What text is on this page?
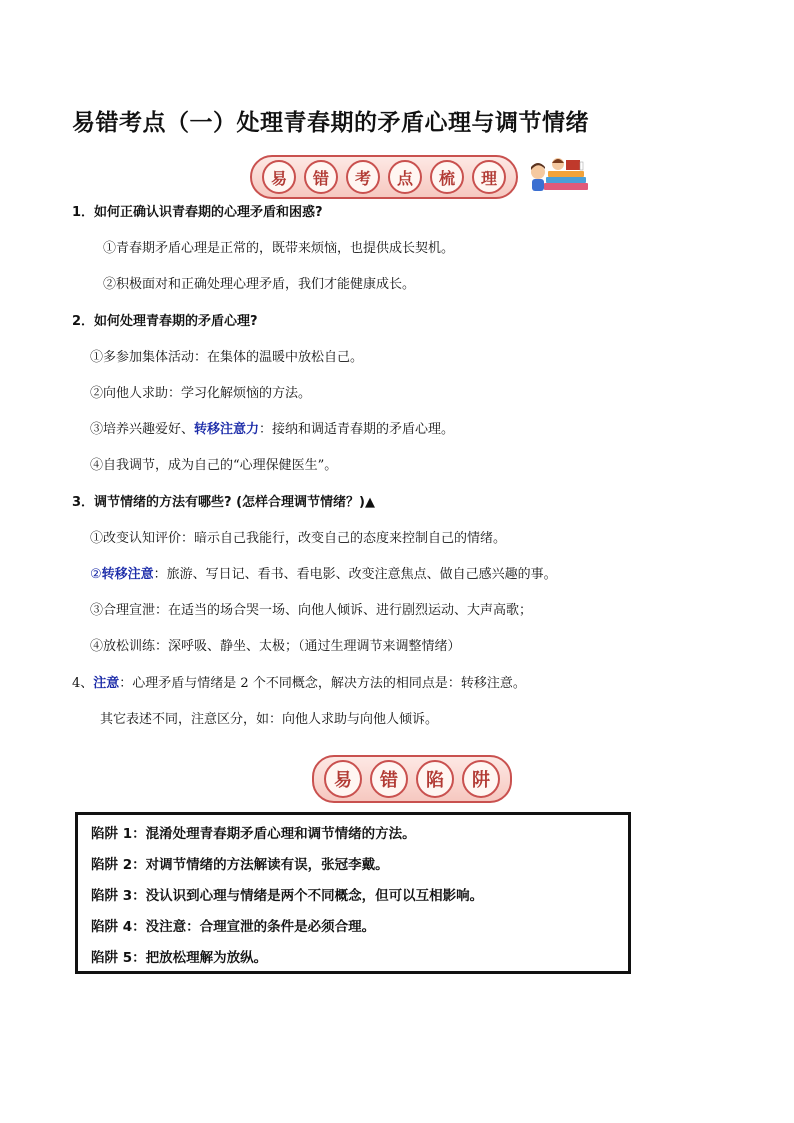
易错考点（一）处理青春期的矛盾心理与调节情绪
易	错	考	点	梳	理
1．如何正确认识青春期的心理矛盾和困惑?
①青春期矛盾心理是正常的，既带来烦恼，也提供成长契机。
②积极面对和正确处理心理矛盾，我们才能健康成长。
2．如何处理青春期的矛盾心理?
①多参加集体活动：在集体的温暖中放松自己。
②向他人求助：学习化解烦恼的方法。
③培养兴趣爱好、转移注意力：接纳和调适青春期的矛盾心理。
④自我调节，成为自己的“心理保健医生”。
3．调节情绪的方法有哪些? (怎样合理调节情绪？)▲
①改变认知评价：暗示自己我能行，改变自己的态度来控制自己的情绪。
②转移注意：旅游、写日记、看书、看电影、改变注意焦点、做自己感兴趣的事。
③合理宣泄：在适当的场合哭一场、向他人倾诉、进行剧烈运动、大声高歌；
④放松训练：深呼吸、静坐、太极；（通过生理调节来调整情绪）
4、注意：心理矛盾与情绪是 2 个不同概念，解决方法的相同点是：转移注意。
其它表述不同，注意区分，如：向他人求助与向他人倾诉。
易	错	陷	阱
陷阱 1：混淆处理青春期矛盾心理和调节情绪的方法。
陷阱 2：对调节情绪的方法解读有误，张冠李戴。
陷阱 3：没认识到心理与情绪是两个不同概念，但可以互相影响。
陷阱 4：没注意：合理宣泄的条件是必须合理。
陷阱 5：把放松理解为放纵。
